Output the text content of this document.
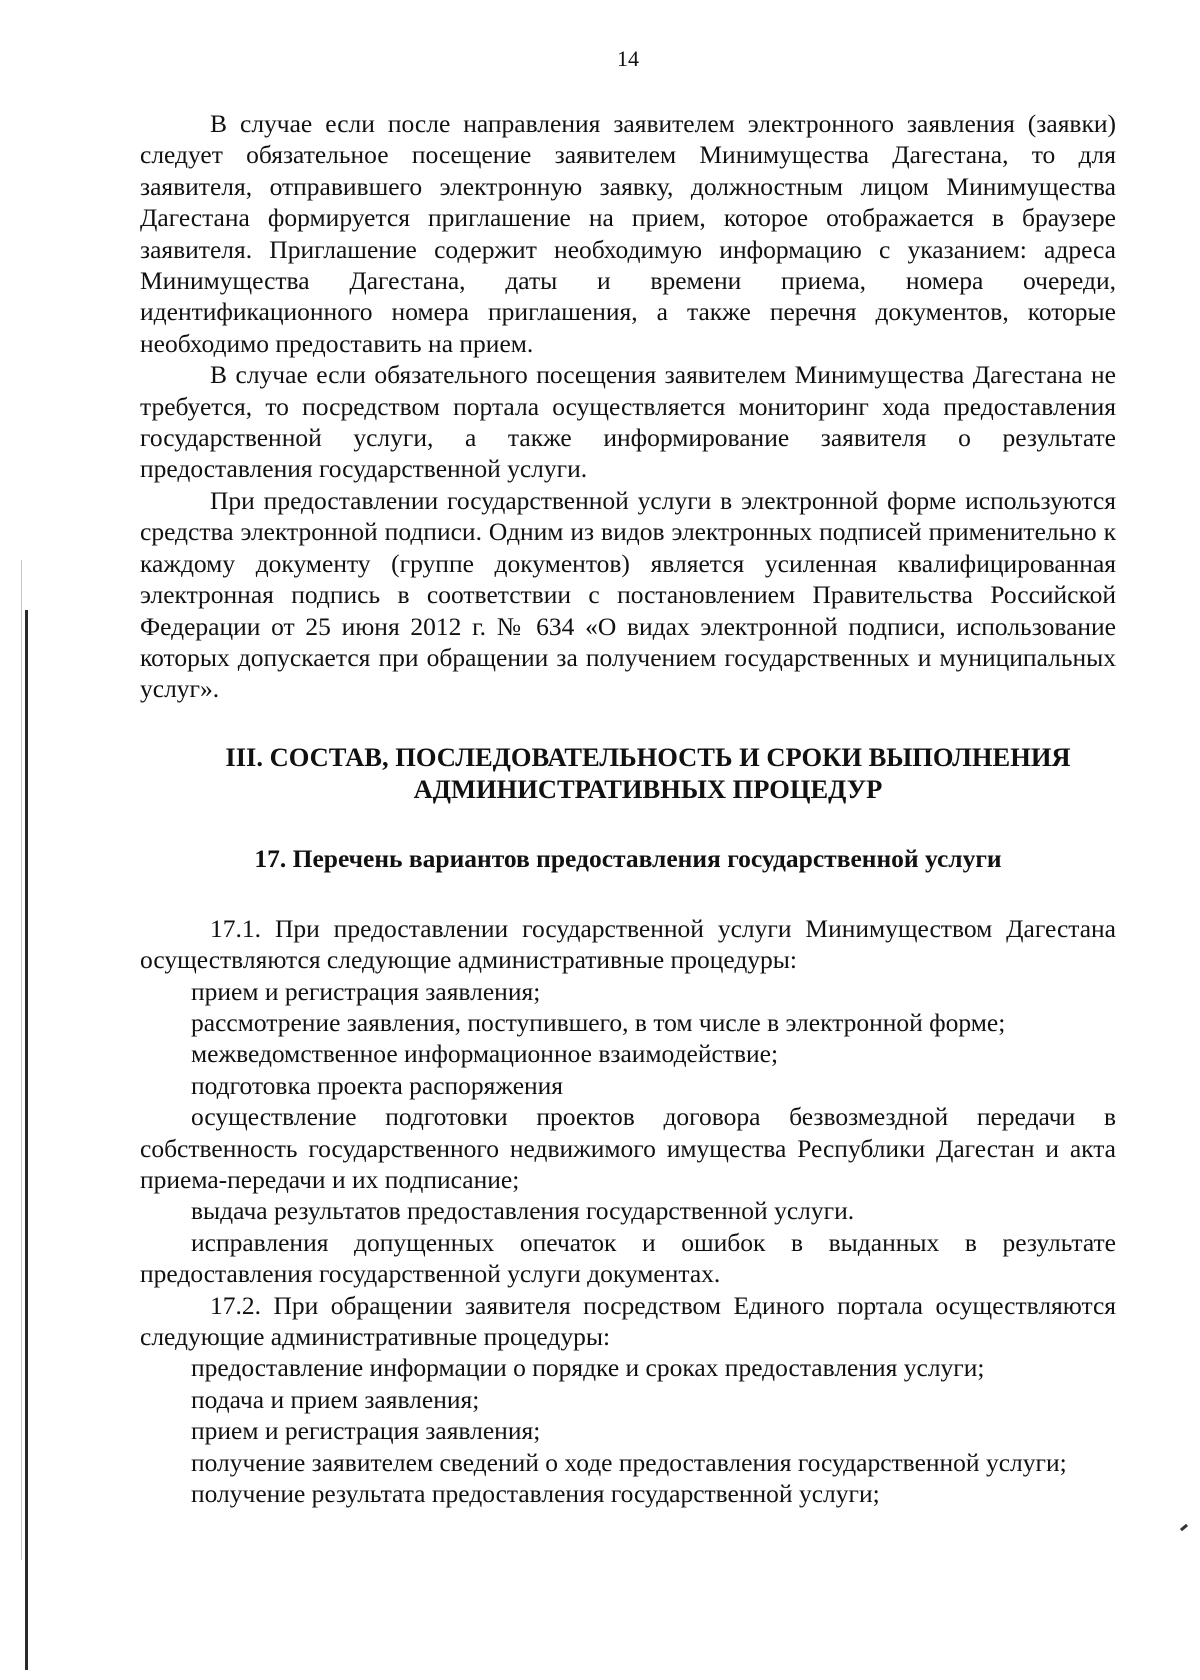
14

В случае если после направления заявителем электронного заявления (заявки) следует обязательное посещение заявителем Минимущества Дагестана, то для заявителя, отправившего электронную заявку, должностным лицом Минимущества Дагестана формируется приглашение на прием, которое отображается в браузере заявителя. Приглашение содержит необходимую информацию с указанием: адреса Минимущества Дагестана, даты и времени приема, номера очереди, идентификационного номера приглашения, а также перечня документов, которые необходимо предоставить на прием.

В случае если обязательного посещения заявителем Минимущества Дагестана не требуется, то посредством портала осуществляется мониторинг хода предоставления государственной услуги, а также информирование заявителя о результате предоставления государственной услуги.

При предоставлении государственной услуги в электронной форме используются средства электронной подписи. Одним из видов электронных подписей применительно к каждому документу (группе документов) является усиленная квалифицированная электронная подпись в соответствии с постановлением Правительства Российской Федерации от 25 июня 2012 г. № 634 «О видах электронной подписи, использование которых допускается при обращении за получением государственных и муниципальных услуг».

III. СОСТАВ, ПОСЛЕДОВАТЕЛЬНОСТЬ И СРОКИ ВЫПОЛНЕНИЯ АДМИНИСТРАТИВНЫХ ПРОЦЕДУР
17. Перечень вариантов предоставления государственной услуги

17.1. При предоставлении государственной услуги Минимуществом Дагестана осуществляются следующие административные процедуры:

прием и регистрация заявления;

рассмотрение заявления, поступившего, в том числе в электронной форме;

межведомственное информационное взаимодействие;

подготовка проекта распоряжения

осуществление подготовки проектов договора безвозмездной передачи в собственность государственного недвижимого имущества Республики Дагестан и акта приема-передачи и их подписание;

выдача результатов предоставления государственной услуги.

исправления допущенных опечаток и ошибок в выданных в результате предоставления государственной услуги документах.

17.2. При обращении заявителя посредством Единого портала осуществляются следующие административные процедуры:

предоставление информации о порядке и сроках предоставления услуги;

подача и прием заявления;

прием и регистрация заявления;

получение заявителем сведений о ходе предоставления государственной услуги;

получение результата предоставления государственной услуги;
